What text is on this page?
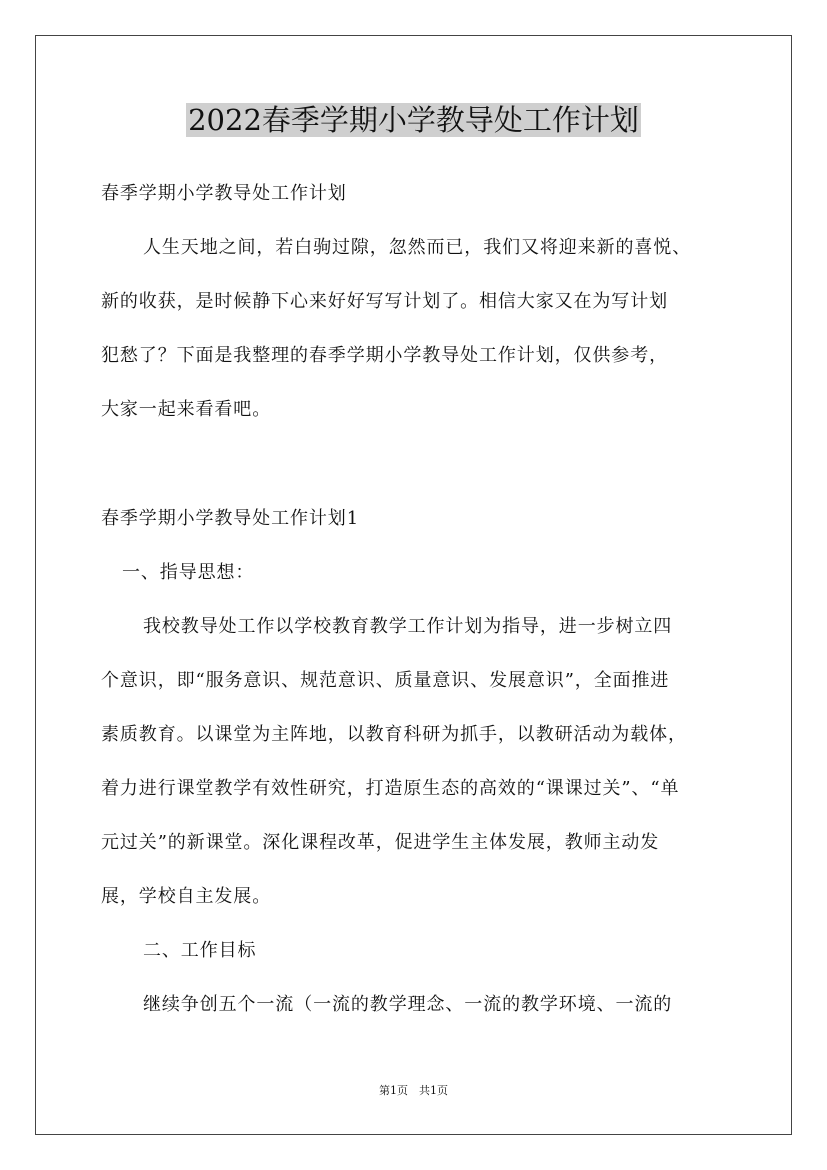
2022春季学期小学教导处工作计划
春季学期小学教导处工作计划
人生天地之间，若白驹过隙，忽然而已，我们又将迎来新的喜悦、
新的收获，是时候静下心来好好写写计划了。相信大家又在为写计划
犯愁了？下面是我整理的春季学期小学教导处工作计划，仅供参考，
大家一起来看看吧。
春季学期小学教导处工作计划1
一、指导思想：
我校教导处工作以学校教育教学工作计划为指导，进一步树立四
个意识，即“服务意识、规范意识、质量意识、发展意识”，全面推进
素质教育。以课堂为主阵地，以教育科研为抓手，以教研活动为载体，
着力进行课堂教学有效性研究，打造原生态的高效的“课课过关”、“单
元过关”的新课堂。深化课程改革，促进学生主体发展，教师主动发
展，学校自主发展。
二、工作目标
继续争创五个一流（一流的教学理念、一流的教学环境、一流的
第1页　共1页
